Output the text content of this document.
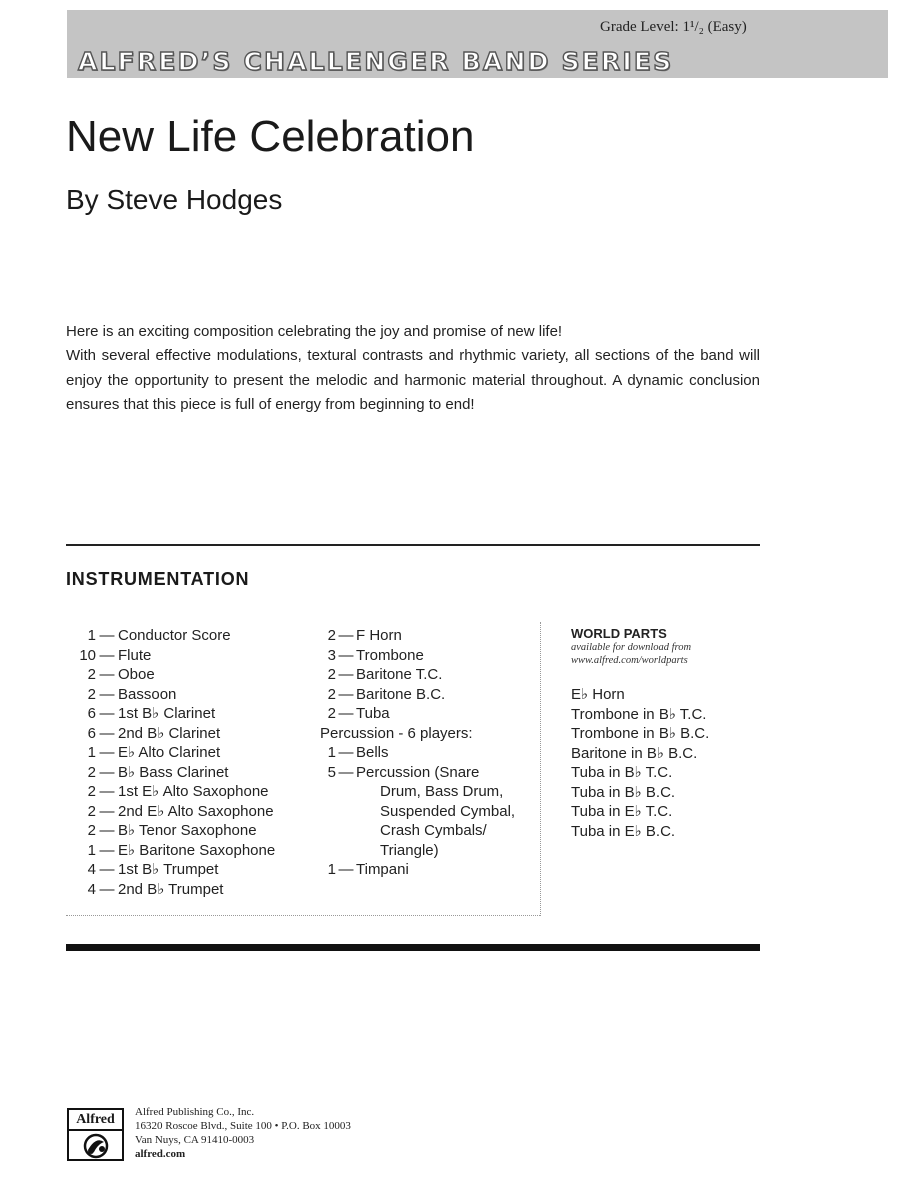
Grade Level: 1¹/₂ (Easy)
ALFRED’S CHALLENGER BAND SERIES
New Life Celebration
By Steve Hodges

Here is an exciting composition celebrating the joy and promise of new life!

With several effective modulations, textural contrasts and rhythmic variety, all sections of the band will enjoy the opportunity to present the melodic and harmonic material throughout. A dynamic conclusion ensures that this piece is full of energy from beginning to end!

INSTRUMENTATION
1 — Conductor Score
10 — Flute
2 — Oboe
2 — Bassoon
6 — 1st B♭ Clarinet
6 — 2nd B♭ Clarinet
1 — E♭ Alto Clarinet
2 — B♭ Bass Clarinet
2 — 1st E♭ Alto Saxophone
2 — 2nd E♭ Alto Saxophone
2 — B♭ Tenor Saxophone
1 — E♭ Baritone Saxophone
4 — 1st B♭ Trumpet
4 — 2nd B♭ Trumpet
2 — F Horn
3 — Trombone
2 — Baritone T.C.
2 — Baritone B.C.
2 — Tuba
Percussion - 6 players:
1 — Bells
5 — Percussion (Snare
Drum, Bass Drum,
Suspended Cymbal,
Crash Cymbals/
Triangle)
1 — Timpani
WORLD PARTS
available for download from
www.alfred.com/worldparts
E♭ Horn
Trombone in B♭ T.C.
Trombone in B♭ B.C.
Baritone in B♭ B.C.
Tuba in B♭ T.C.
Tuba in B♭ B.C.
Tuba in E♭ T.C.
Tuba in E♭ B.C.
Alfred	Alfred Publishing Co., Inc.
16320 Roscoe Blvd., Suite 100 • P.O. Box 10003
Van Nuys, CA 91410-0003
alfred.com
